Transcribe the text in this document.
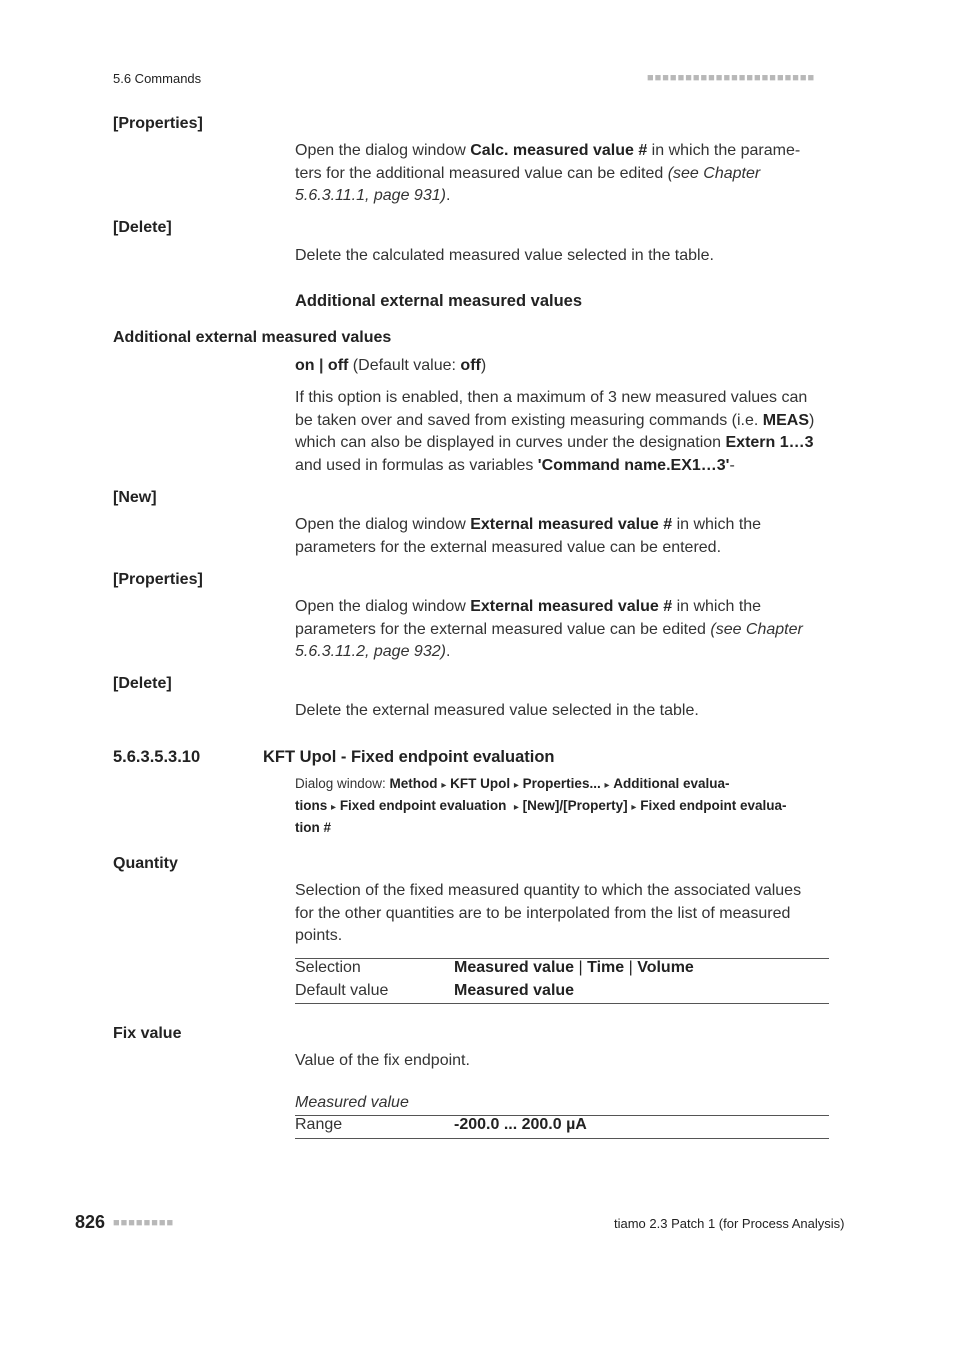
5.6 Commands	■■■■■■■■■■■■■■■■■■■■■■
[Properties]
Open the dialog window Calc. measured value # in which the parame-
ters for the additional measured value can be edited (see Chapter
5.6.3.11.1, page 931).
[Delete]
Delete the calculated measured value selected in the table.
Additional external measured values
Additional external measured values
on | off (Default value: off)
If this option is enabled, then a maximum of 3 new measured values can
be taken over and saved from existing measuring commands (i.e. MEAS)
which can also be displayed in curves under the designation Extern 1…3
and used in formulas as variables 'Command name.EX1…3'-
[New]
Open the dialog window External measured value # in which the
parameters for the external measured value can be entered.
[Properties]
Open the dialog window External measured value # in which the
parameters for the external measured value can be edited (see Chapter
5.6.3.11.2, page 932).
[Delete]
Delete the external measured value selected in the table.
5.6.3.5.3.10	KFT Upol - Fixed endpoint evaluation
Dialog window: Method ▸ KFT Upol ▸ Properties... ▸ Additional evalua-
tions ▸ Fixed endpoint evaluation ▸ [New]/[Property] ▸ Fixed endpoint evalua-
tion #
Quantity
Selection of the fixed measured quantity to which the associated values
for the other quantities are to be interpolated from the list of measured
points.
Selection	Measured value | Time | Volume
Default value	Measured value
Fix value
Value of the fix endpoint.
Measured value
Range	-200.0 ... 200.0 µA
826 ■■■■■■■■	tiamo 2.3 Patch 1 (for Process Analysis)
